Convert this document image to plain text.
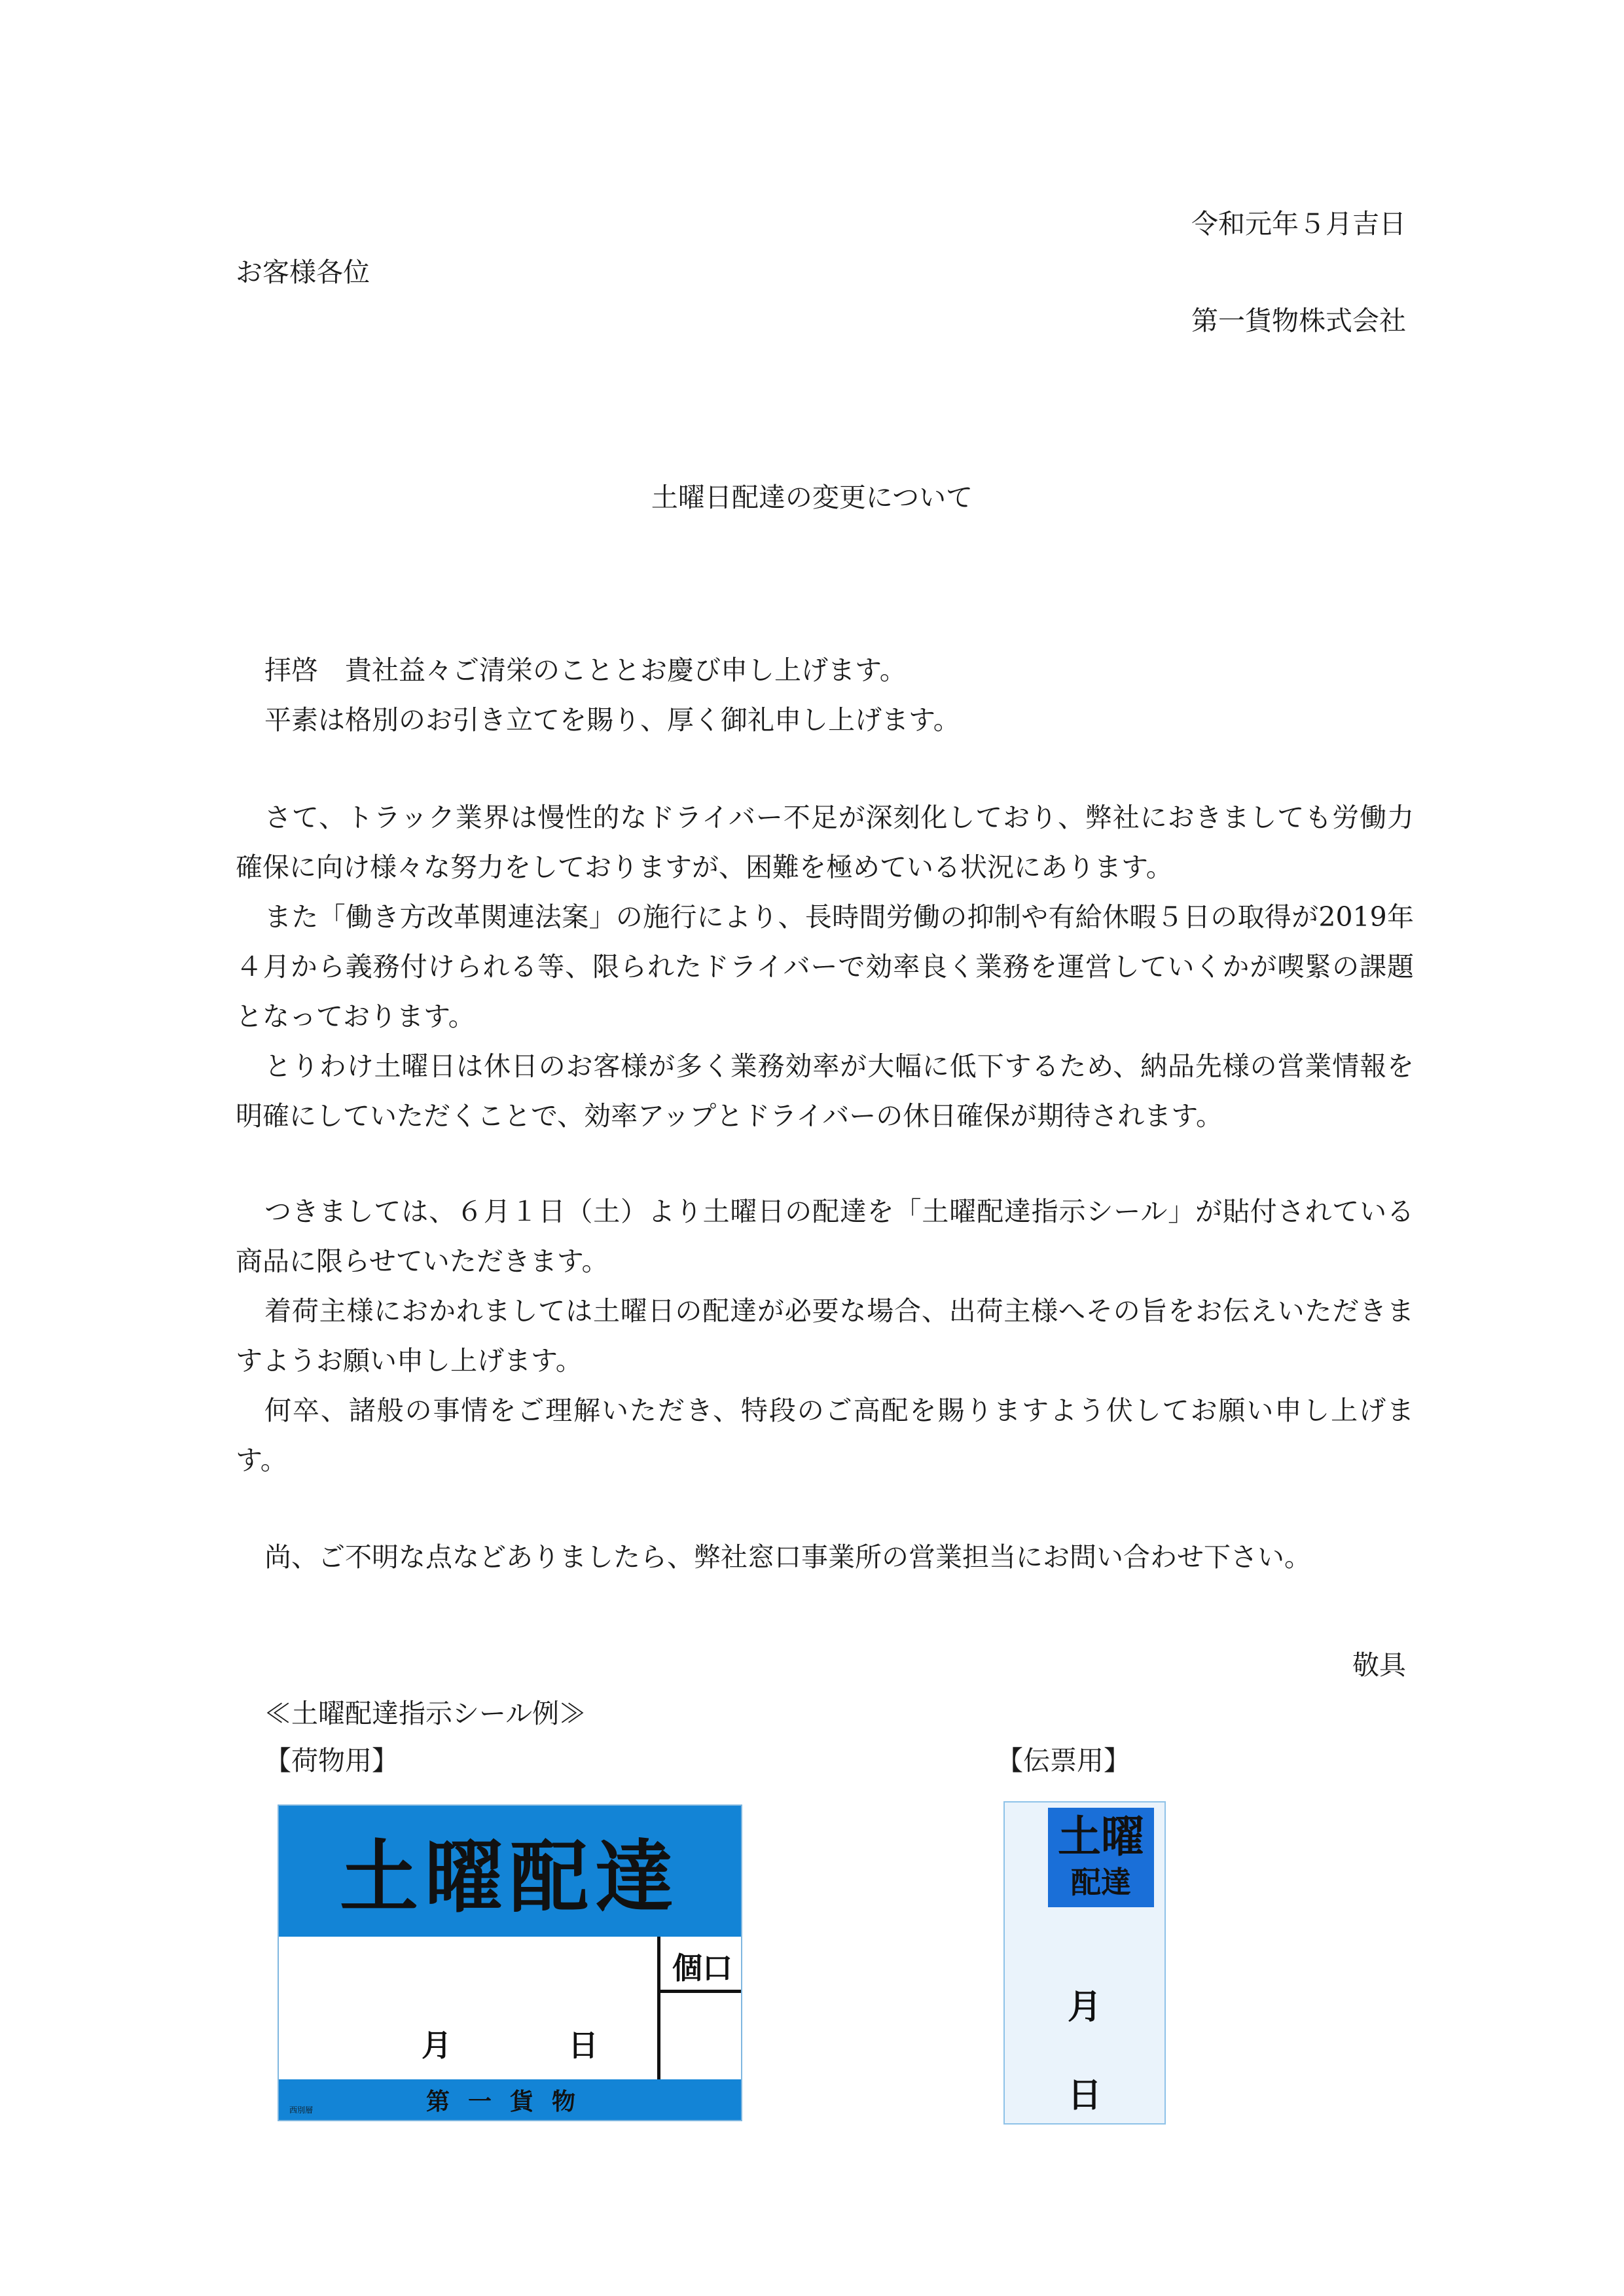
令和元年５月吉日
お客様各位
第一貨物株式会社
土曜日配達の変更について

拝啓　貴社益々ご清栄のこととお慶び申し上げます。

平素は格別のお引き立てを賜り、厚く御礼申し上げます。

さて、トラック業界は慢性的なドライバー不足が深刻化しており、弊社におきましても労働力確保に向け様々な努力をしておりますが、困難を極めている状況にあります。

また「働き方改革関連法案」の施行により、長時間労働の抑制や有給休暇５日の取得が2019年４月から義務付けられる等、限られたドライバーで効率良く業務を運営していくかが喫緊の課題となっております。

とりわけ土曜日は休日のお客様が多く業務効率が大幅に低下するため、納品先様の営業情報を明確にしていただくことで、効率アップとドライバーの休日確保が期待されます。

つきましては、６月１日（土）より土曜日の配達を「土曜配達指示シール」が貼付されている商品に限らせていただきます。

着荷主様におかれましては土曜日の配達が必要な場合、出荷主様へその旨をお伝えいただきますようお願い申し上げます。

何卒、諸般の事情をご理解いただき、特段のご高配を賜りますよう伏してお願い申し上げます。

尚、ご不明な点などありましたら、弊社窓口事業所の営業担当にお問い合わせ下さい。

敬具
≪土曜配達指示シール例≫
【荷物用】	【伝票用】
土曜配達
個口
月	日
第一貨物
西別層
土曜
配達
月
日
